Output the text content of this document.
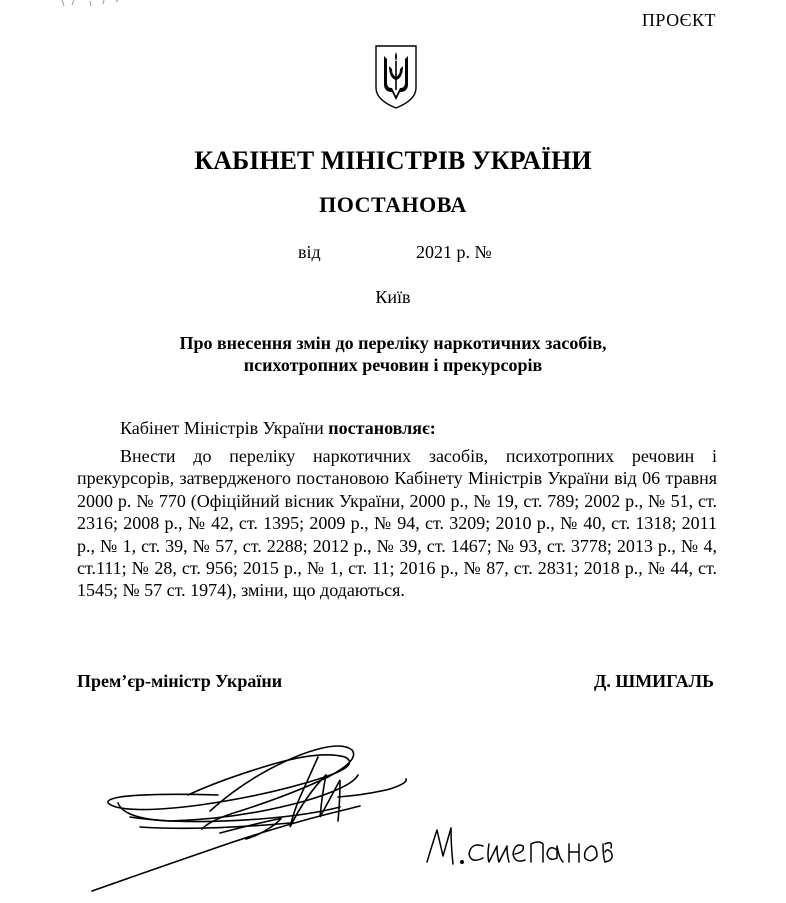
ПРОЄКТ
КАБІНЕТ МІНІСТРІВ УКРАЇНИ
ПОСТАНОВА
від	2021 р. №
Київ
Про внесення змін до переліку наркотичних засобів,
психотропних речовин і прекурсорів
Кабінет Міністрів України постановляє:

Внести до переліку наркотичних засобів, психотропних речовин і прекурсорів, затвердженого постановою Кабінету Міністрів України від 06 травня 2000 р. № 770 (Офіційний вісник України, 2000 р., № 19, ст. 789; 2002 р., № 51, ст. 2316; 2008 р., № 42, ст. 1395; 2009 р., № 94, ст. 3209; 2010 р., № 40, ст. 1318; 2011 р., № 1, ст. 39, № 57, ст. 2288; 2012 р., № 39, ст. 1467; № 93, ст. 3778; 2013 р., № 4, ст.111; № 28, ст. 956; 2015 р., № 1, ст. 11; 2016 р., № 87, ст. 2831; 2018 р., № 44, ст. 1545; № 57 ст. 1974), зміни, що додаються.

Прем’єр-міністр України	Д. ШМИГАЛЬ
